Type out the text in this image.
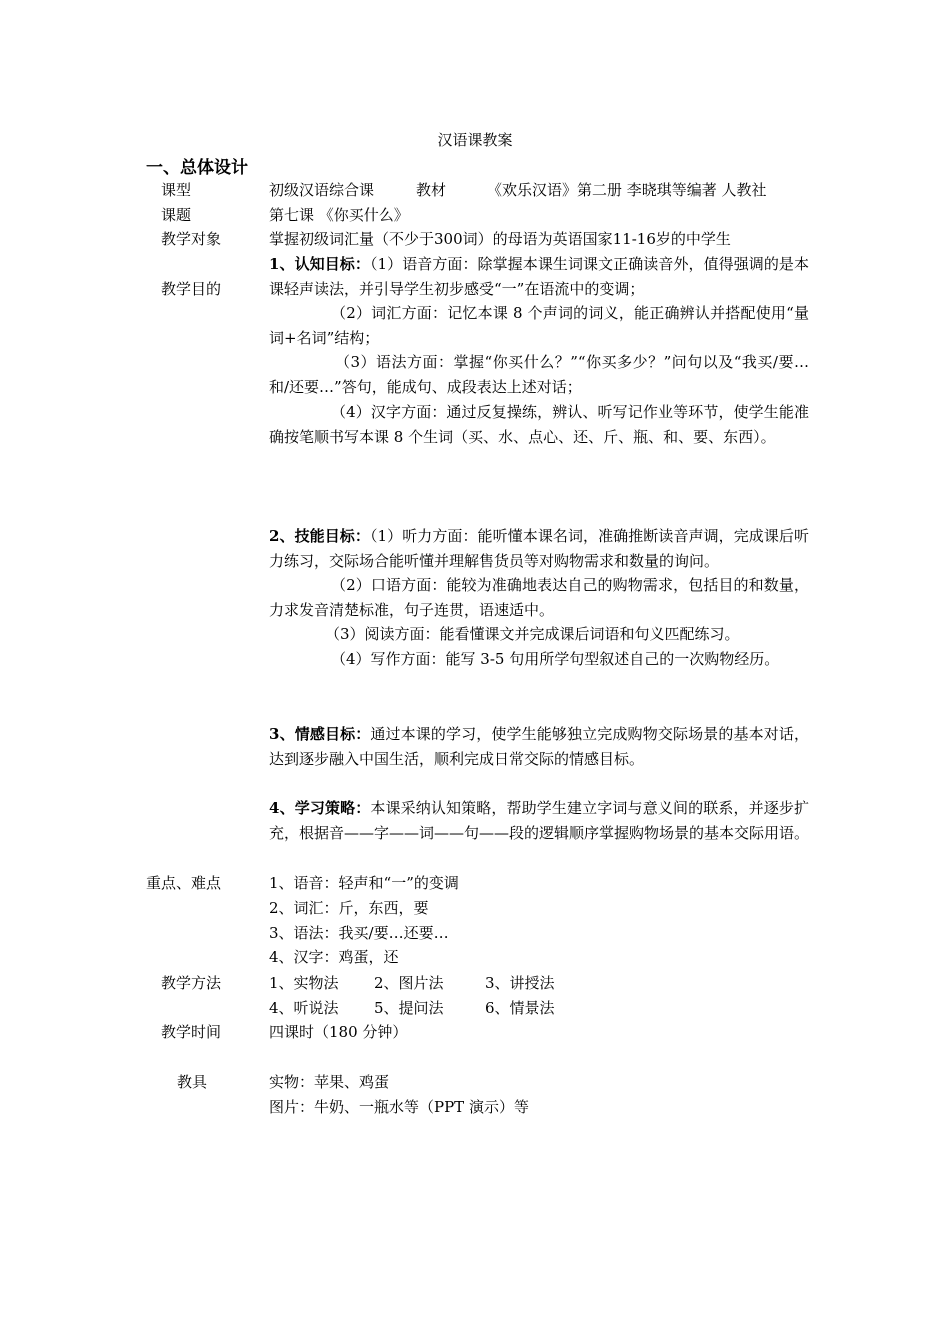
汉语课教案
一、总体设计
课型	初级汉语综合课	教材	《欢乐汉语》第二册 李晓琪等编著 人教社
课题	第七课 《你买什么》
教学对象	掌握初级词汇量（不少于300词）的母语为英语国家11-16岁的中学生
教学目的
1、认知目标：（1）语音方面：除掌握本课生词课文正确读音外，值得强调的是本课轻声读法，并引导学生初步感受“一”在语流中的变调；
（2）词汇方面：记忆本课 8 个声词的词义，能正确辨认并搭配使用“量词+名词”结构；
（3）语法方面：掌握“你买什么？”“你买多少？”问句以及“我买/要…和/还要…”答句，能成句、成段表达上述对话；
（4）汉字方面：通过反复操练，辨认、听写记作业等环节，使学生能准确按笔顺书写本课 8 个生词（买、水、点心、还、斤、瓶、和、要、东西）。
2、技能目标：（1）听力方面：能听懂本课名词，准确推断读音声调，完成课后听力练习，交际场合能听懂并理解售货员等对购物需求和数量的询问。
（2）口语方面：能较为准确地表达自己的购物需求，包括目的和数量，力求发音清楚标准，句子连贯，语速适中。
（3）阅读方面：能看懂课文并完成课后词语和句义匹配练习。
（4）写作方面：能写 3-5 句用所学句型叙述自己的一次购物经历。
3、情感目标：通过本课的学习，使学生能够独立完成购物交际场景的基本对话，达到逐步融入中国生活，顺利完成日常交际的情感目标。
4、学习策略：本课采纳认知策略，帮助学生建立字词与意义间的联系，并逐步扩充，根据音——字——词——句——段的逻辑顺序掌握购物场景的基本交际用语。
重点、难点	1、语音：轻声和“一”的变调
2、词汇：斤，东西，要
3、语法：我买/要…还要…
4、汉字：鸡蛋，还
教学方法	1、实物法 2、图片法	3、讲授法
4、听说法 5、提问法	6、情景法
教学时间	四课时（180 分钟）
教具	实物：苹果、鸡蛋
图片：牛奶、一瓶水等（PPT 演示）等
